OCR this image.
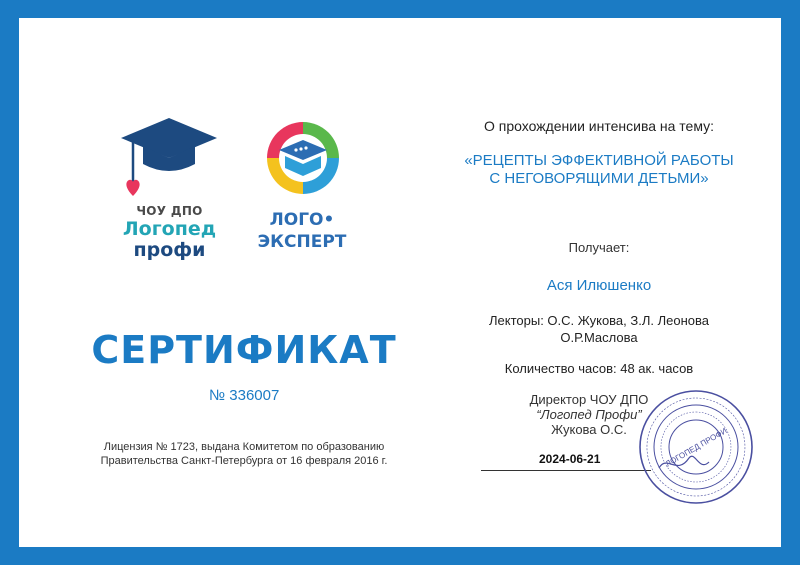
ЧОУ ДПО
Логопед
профи
ЛОГО•
ЭКСПЕРТ
СЕРТИФИКАТ
№ 336007
Лицензия № 1723, выдана Комитетом по образованию
Правительства Санкт-Петербурга от 16 февраля 2016 г.
О прохождении интенсива на тему:
«РЕЦЕПТЫ ЭФФЕКТИВНОЙ РАБОТЫ
С НЕГОВОРЯЩИМИ ДЕТЬМИ»
Получает:
Ася Илюшенко
Лекторы: О.С. Жукова, З.Л. Леонова
О.Р.Маслова
Количество часов: 48 ак. часов
Директор ЧОУ ДПО
“Логопед Профи”
Жукова О.С.
2024-06-21	ЛОГОПЕД ПРОФИ
